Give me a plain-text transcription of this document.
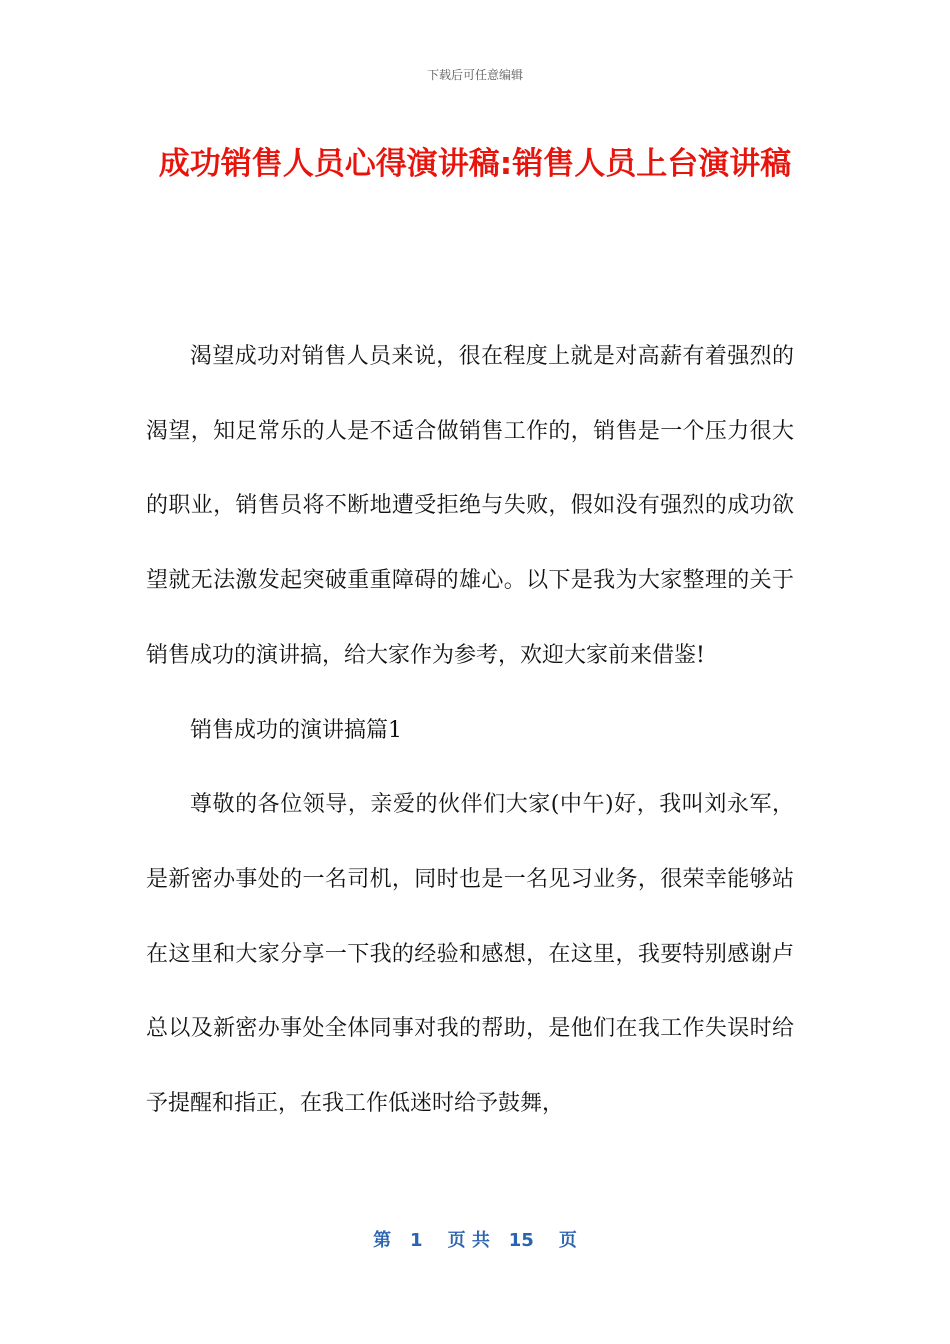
下载后可任意编辑
成功销售人员心得演讲稿:销售人员上台演讲稿

渴望成功对销售人员来说，很在程度上就是对高薪有着强烈的渴望，知足常乐的人是不适合做销售工作的，销售是一个压力很大的职业，销售员将不断地遭受拒绝与失败，假如没有强烈的成功欲望就无法激发起突破重重障碍的雄心。以下是我为大家整理的关于销售成功的演讲搞，给大家作为参考，欢迎大家前来借鉴!

销售成功的演讲搞篇1

尊敬的各位领导，亲爱的伙伴们大家(中午)好，我叫刘永军，是新密办事处的一名司机，同时也是一名见习业务，很荣幸能够站在这里和大家分享一下我的经验和感想，在这里，我要特别感谢卢总以及新密办事处全体同事对我的帮助，是他们在我工作失误时给予提醒和指正，在我工作低迷时给予鼓舞，

第 1 页 共 15 页
